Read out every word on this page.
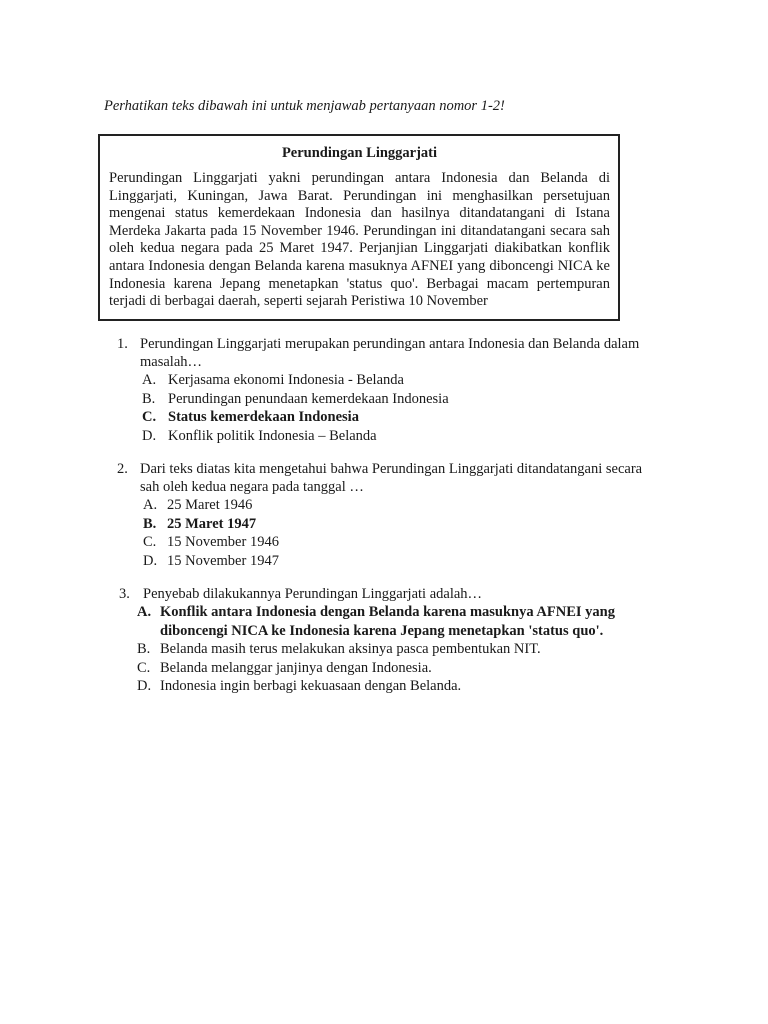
Perhatikan teks dibawah ini untuk menjawab pertanyaan nomor 1-2!
Perundingan Linggarjati

Perundingan Linggarjati yakni perundingan antara Indonesia dan Belanda di Linggarjati, Kuningan, Jawa Barat. Perundingan ini menghasilkan persetujuan mengenai status kemerdekaan Indonesia dan hasilnya ditandatangani di Istana Merdeka Jakarta pada 15 November 1946. Perundingan ini ditandatangani secara sah oleh kedua negara pada 25 Maret 1947. Perjanjian Linggarjati diakibatkan konflik antara Indonesia dengan Belanda karena masuknya AFNEI yang diboncengi NICA ke Indonesia karena Jepang menetapkan 'status quo'. Berbagai macam pertempuran terjadi di berbagai daerah, seperti sejarah Peristiwa 10 November

1. Perundingan Linggarjati merupakan perundingan antara Indonesia dan Belanda dalam masalah…
A. Kerjasama ekonomi Indonesia - Belanda
B. Perundingan penundaan kemerdekaan Indonesia
C. Status kemerdekaan Indonesia
D. Konflik politik Indonesia – Belanda
2. Dari teks diatas kita mengetahui bahwa Perundingan Linggarjati ditandatangani secara sah oleh kedua negara pada tanggal …
A. 25 Maret 1946
B. 25 Maret 1947
C. 15 November 1946
D. 15 November 1947
3. Penyebab dilakukannya Perundingan Linggarjati adalah…
A. Konflik antara Indonesia dengan Belanda karena masuknya AFNEI yang diboncengi NICA ke Indonesia karena Jepang menetapkan 'status quo'.
B. Belanda masih terus melakukan aksinya pasca pembentukan NIT.
C. Belanda melanggar janjinya dengan Indonesia.
D. Indonesia ingin berbagi kekuasaan dengan Belanda.
